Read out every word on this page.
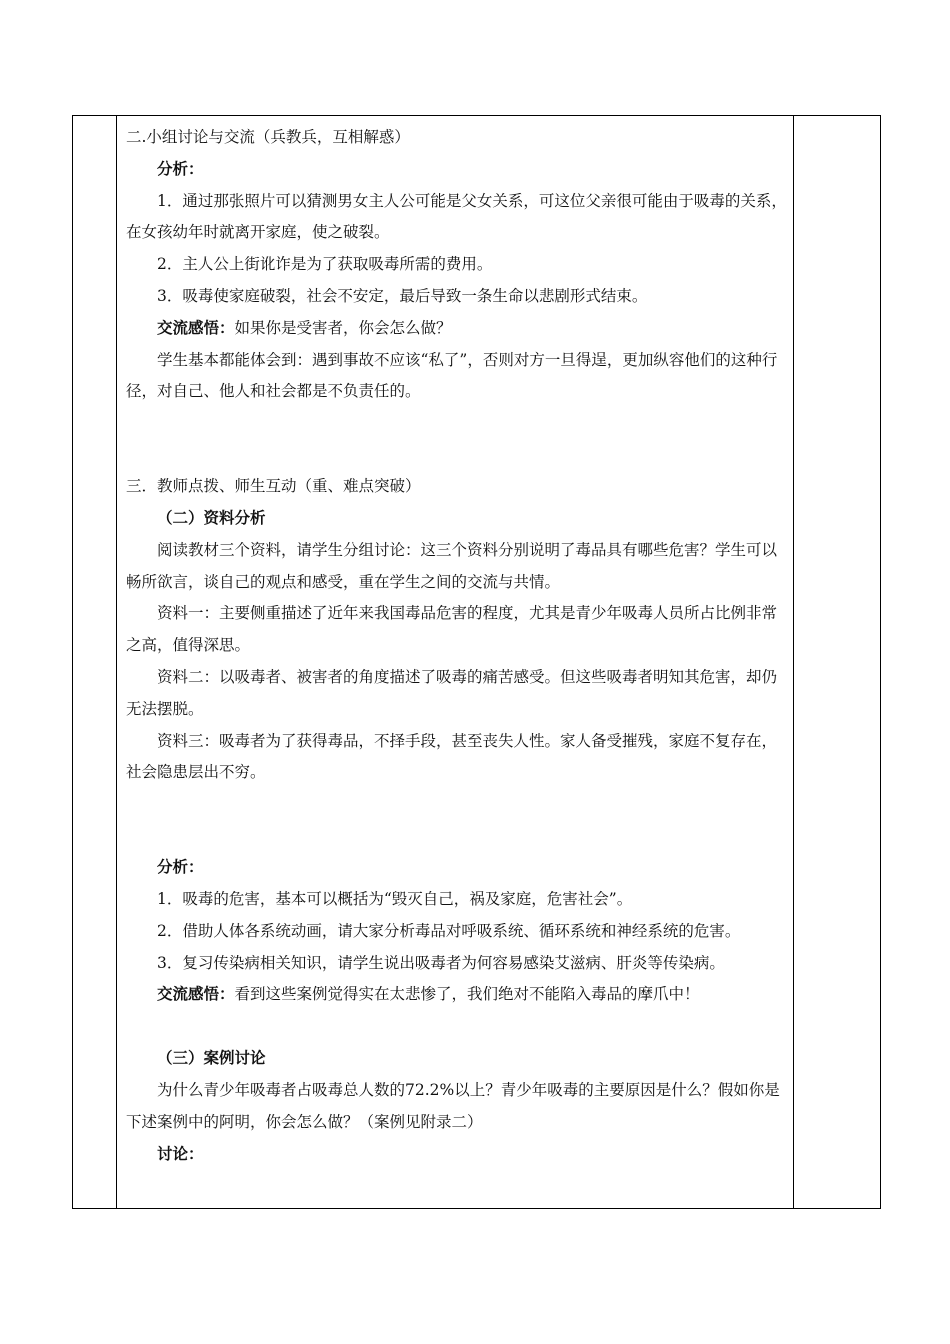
二.小组讨论与交流（兵教兵，互相解惑）

分析：

1．通过那张照片可以猜测男女主人公可能是父女关系，可这位父亲很可能由于吸毒的关系，在女孩幼年时就离开家庭，使之破裂。

2．主人公上街讹诈是为了获取吸毒所需的费用。

3．吸毒使家庭破裂，社会不安定，最后导致一条生命以悲剧形式结束。

交流感悟：如果你是受害者，你会怎么做？

学生基本都能体会到：遇到事故不应该“私了”，否则对方一旦得逞，更加纵容他们的这种行径，对自己、他人和社会都是不负责任的。

三．教师点拨、师生互动（重、难点突破）

（二）资料分析

阅读教材三个资料，请学生分组讨论：这三个资料分别说明了毒品具有哪些危害？学生可以畅所欲言，谈自己的观点和感受，重在学生之间的交流与共情。

资料一：主要侧重描述了近年来我国毒品危害的程度，尤其是青少年吸毒人员所占比例非常之高，值得深思。

资料二：以吸毒者、被害者的角度描述了吸毒的痛苦感受。但这些吸毒者明知其危害，却仍无法摆脱。

资料三：吸毒者为了获得毒品，不择手段，甚至丧失人性。家人备受摧残，家庭不复存在，社会隐患层出不穷。

分析：

1．吸毒的危害，基本可以概括为“毁灭自己，祸及家庭，危害社会”。

2．借助人体各系统动画，请大家分析毒品对呼吸系统、循环系统和神经系统的危害。

3．复习传染病相关知识，请学生说出吸毒者为何容易感染艾滋病、肝炎等传染病。

交流感悟：看到这些案例觉得实在太悲惨了，我们绝对不能陷入毒品的摩爪中！

（三）案例讨论

为什么青少年吸毒者占吸毒总人数的72.2%以上？青少年吸毒的主要原因是什么？假如你是下述案例中的阿明，你会怎么做？（案例见附录二）

讨论：
